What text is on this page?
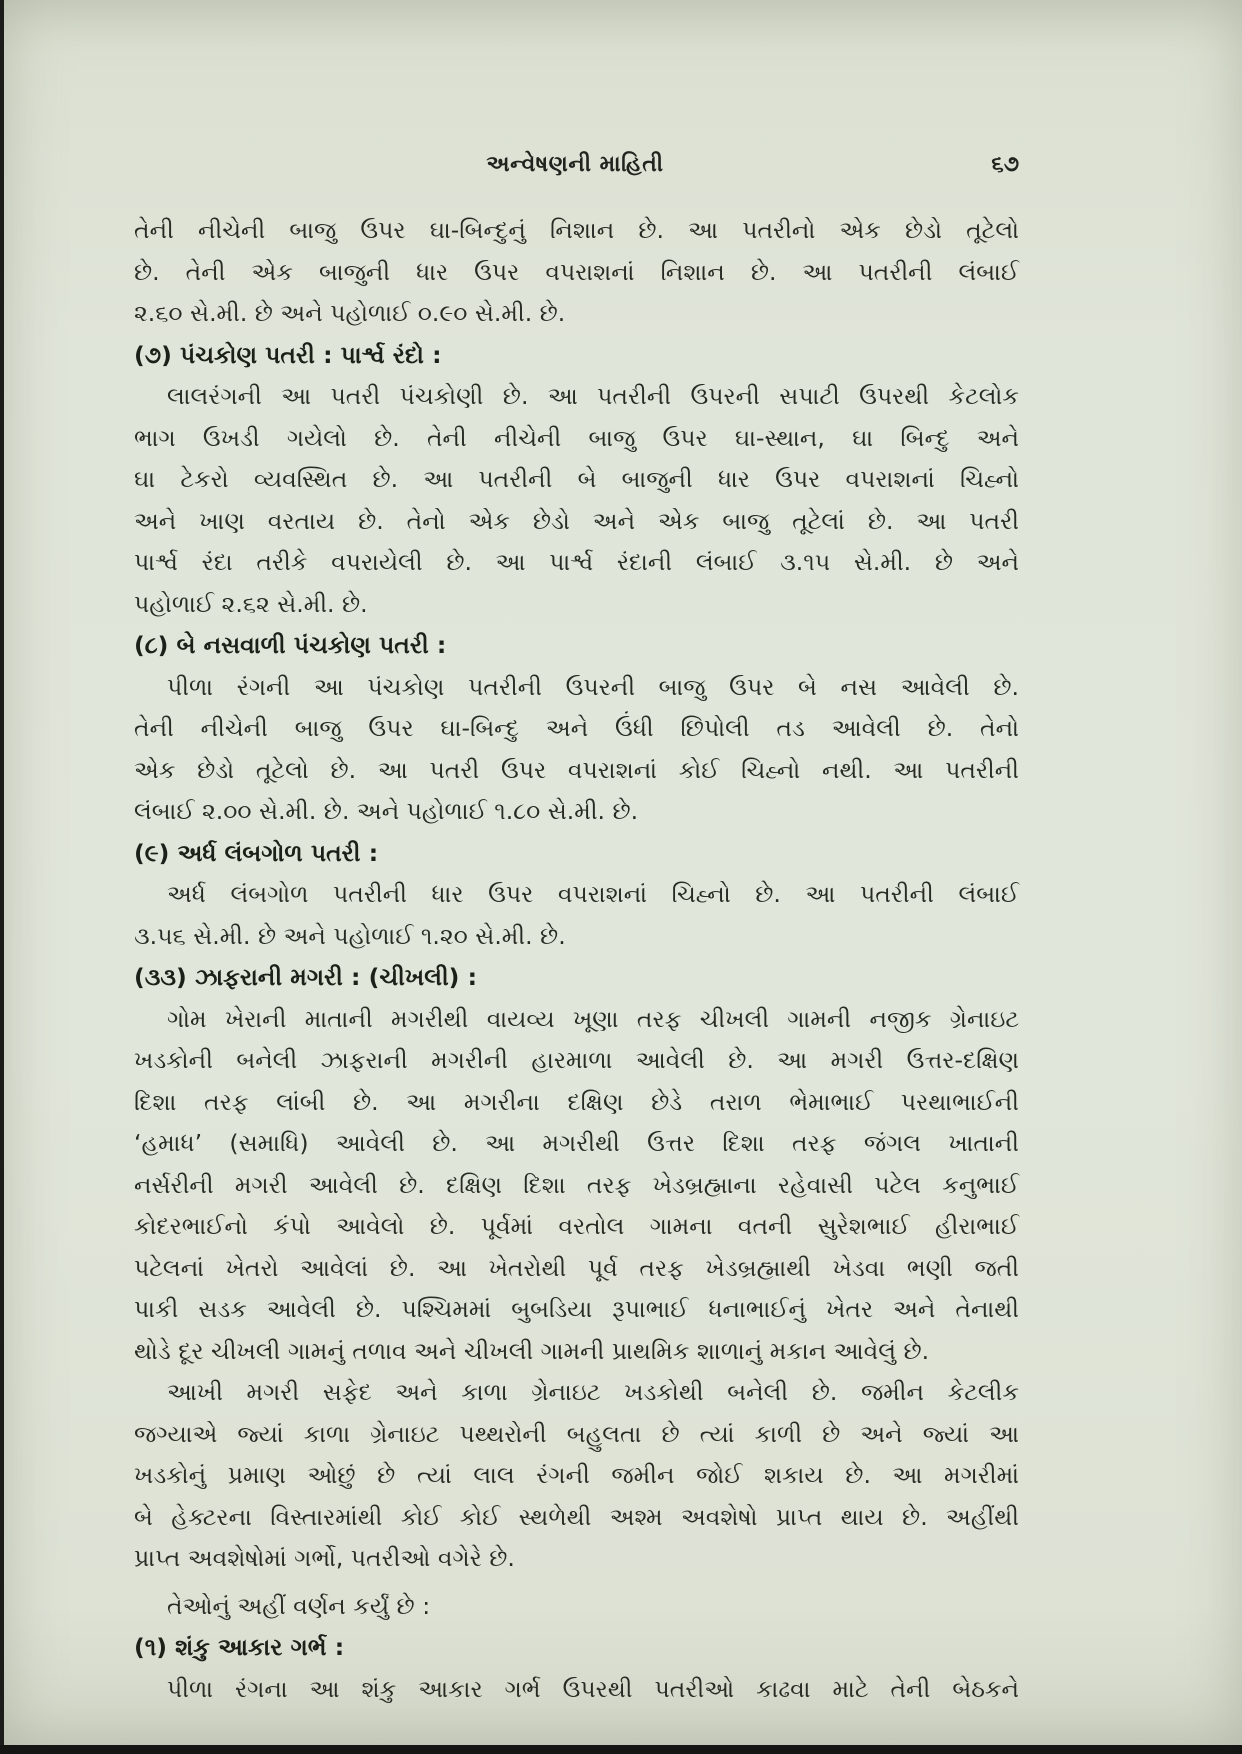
અન્વેષણની માહિતી	૬૭
તેની નીચેની બાજુ ઉપર ઘા-બિન્દુનું નિશાન છે. આ પતરીનો એક છેડો તૂટેલો
છે. તેની એક બાજુની ધાર ઉપર વપરાશનાં નિશાન છે. આ પતરીની લંબાઈ
૨.૬૦ સે.મી. છે અને પહોળાઈ ૦.૯૦ સે.મી. છે.
(૭) પંચકોણ પતરી : પાર્શ્વ રંદો :
લાલરંગની આ પતરી પંચકોણી છે. આ પતરીની ઉપરની સપાટી ઉપરથી કેટલોક
ભાગ ઉખડી ગયેલો છે. તેની નીચેની બાજુ ઉપર ઘા-સ્થાન, ઘા બિન્દુ અને
ઘા ટેકરો વ્યવસ્થિત છે. આ પતરીની બે બાજુની ધાર ઉપર વપરાશનાં ચિહ્નો
અને ખાણ વરતાય છે. તેનો એક છેડો અને એક બાજુ તૂટેલાં છે. આ પતરી
પાર્શ્વ રંદા તરીકે વપરાયેલી છે. આ પાર્શ્વ રંદાની લંબાઈ ૩.૧૫ સે.મી. છે અને
પહોળાઈ ૨.૬૨ સે.મી. છે.
(૮) બે નસવાળી પંચકોણ પતરી :
પીળા રંગની આ પંચકોણ પતરીની ઉપરની બાજુ ઉપર બે નસ આવેલી છે.
તેની નીચેની બાજુ ઉપર ઘા-બિન્દુ અને ઉંધી છિપોલી તડ આવેલી છે. તેનો
એક છેડો તૂટેલો છે. આ પતરી ઉપર વપરાશનાં કોઈ ચિહ્નો નથી. આ પતરીની
લંબાઈ ૨.૦૦ સે.મી. છે. અને પહોળાઈ ૧.૮૦ સે.મી. છે.
(૯) અર્ધ લંબગોળ પતરી :
અર્ધ લંબગોળ પતરીની ધાર ઉપર વપરાશનાં ચિહ્નો છે. આ પતરીની લંબાઈ
૩.૫૬ સે.મી. છે અને પહોળાઈ ૧.૨૦ સે.મી. છે.
(૩૩) ઝાફરાની મગરી : (ચીખલી) :
ગોમ ખેરાની માતાની મગરીથી વાયવ્ય ખૂણા તરફ ચીખલી ગામની નજીક ગ્રેનાઇટ
ખડકોની બનેલી ઝાફરાની મગરીની હારમાળા આવેલી છે. આ મગરી ઉત્તર-દક્ષિણ
દિશા તરફ લાંબી છે. આ મગરીના દક્ષિણ છેડે તરાળ ભેમાભાઈ પરથાભાઈની
‘હમાધ’ (સમાધિ) આવેલી છે. આ મગરીથી ઉત્તર દિશા તરફ જંગલ ખાતાની
નર્સરીની મગરી આવેલી છે. દક્ષિણ દિશા તરફ ખેડબ્રહ્માના રહેવાસી પટેલ કનુભાઈ
કોદરભાઈનો કંપો આવેલો છે. પૂર્વમાં વરતોલ ગામના વતની સુરેશભાઈ હીરાભાઈ
પટેલનાં ખેતરો આવેલાં છે. આ ખેતરોથી પૂર્વ તરફ ખેડબ્રહ્માથી ખેડવા ભણી જતી
પાકી સડક આવેલી છે. પશ્ચિમમાં બુબડિયા રૂપાભાઈ ધનાભાઈનું ખેતર અને તેનાથી
થોડે દૂર ચીખલી ગામનું તળાવ અને ચીખલી ગામની પ્રાથમિક શાળાનું મકાન આવેલું છે.
આખી મગરી સફેદ અને કાળા ગ્રેનાઇટ ખડકોથી બનેલી છે. જમીન કેટલીક
જગ્યાએ જ્યાં કાળા ગ્રેનાઇટ પથ્થરોની બહુલતા છે ત્યાં કાળી છે અને જ્યાં આ
ખડકોનું પ્રમાણ ઓછું છે ત્યાં લાલ રંગની જમીન જોઈ શકાય છે. આ મગરીમાં
બે હેક્ટરના વિસ્તારમાંથી કોઈ કોઈ સ્થળેથી અશ્મ અવશેષો પ્રાપ્ત થાય છે. અહીંથી
પ્રાપ્ત અવશેષોમાં ગર્ભો, પતરીઓ વગેરે છે.
તેઓનું અહીં વર્ણન કર્યું છે :
(૧) શંકુ આકાર ગર્ભ :
પીળા રંગના આ શંકુ આકાર ગર્ભ ઉપરથી પતરીઓ કાઢવા માટે તેની બેઠકને
